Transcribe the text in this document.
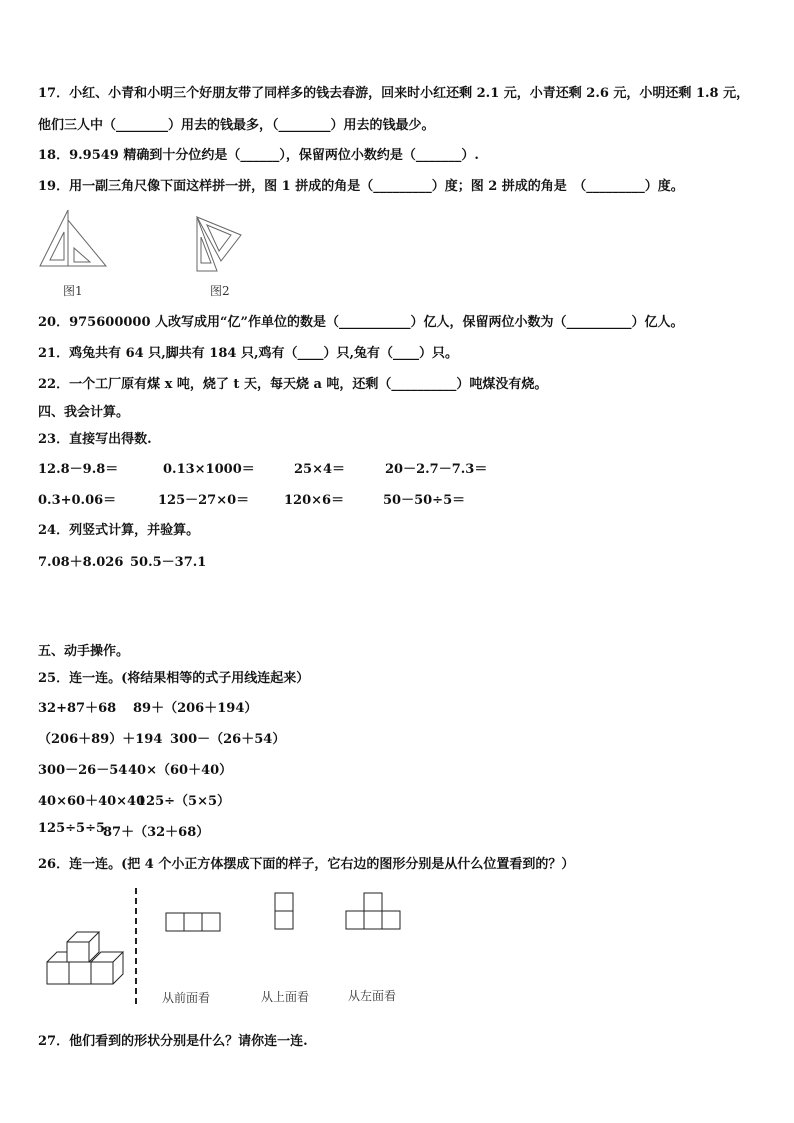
17．小红、小青和小明三个好朋友带了同样多的钱去春游，回来时小红还剩 2.1 元，小青还剩 2.6 元，小明还剩 1.8 元，
他们三人中（________）用去的钱最多，（________）用去的钱最少。
18．9.9549 精确到十分位约是（______），保留两位小数约是（_______）.
19．用一副三角尺像下面这样拼一拼，图 1 拼成的角是（_________）度；图 2 拼成的角是　（_________）度。
图1	图2
20．975600000 人改写成用“亿”作单位的数是（___________）亿人，保留两位小数为（__________）亿人。
21．鸡兔共有 64 只,脚共有 184 只,鸡有（____）只,兔有（____）只。
22．一个工厂原有煤 x 吨，烧了 t 天，每天烧 a 吨，还剩（__________）吨煤没有烧。
四、我会计算。
23．直接写出得数.
12.8－9.8＝	0.13×1000＝	25×4＝	20－2.7－7.3＝
0.3+0.06＝	125－27×0＝	120×6＝	50－50÷5＝
24．列竖式计算，并验算。
7.08＋8.026 50.5－37.1
五、动手操作。
25．连一连。(将结果相等的式子用线连起来）
32+87＋68 89＋（206＋194）
（206＋89）＋194 300－（26＋54）
300－26－54 40×（60＋40）
40×60＋40×40
125÷（5×5）
125÷5÷5
87＋（32＋68）
26．连一连。(把 4 个小正方体摆成下面的样子，它右边的图形分别是从什么位置看到的？）
从前面看	从上面看	从左面看
27．他们看到的形状分别是什么？请你连一连.
